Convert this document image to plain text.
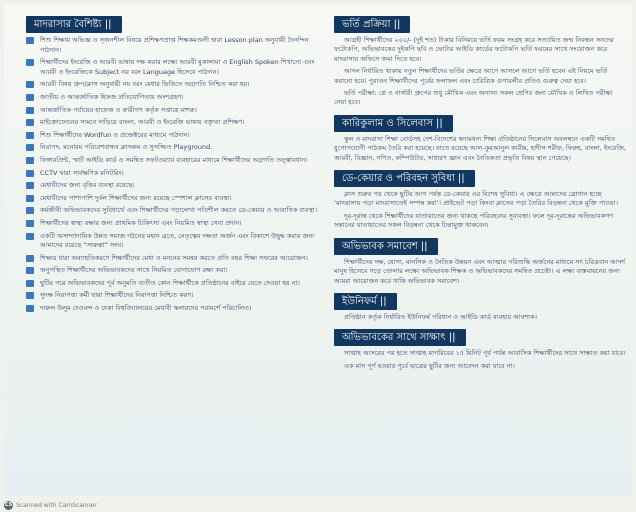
মাদরাসার বৈশিষ্ট্য ||
শিশু শিক্ষায় অভিজ্ঞ ও সৃজনশীল বিষয়ে প্রশিক্ষণপ্রাপ্ত শিক্ষকমণ্ডলী দ্বারা Lesson plan অনুযায়ী দৈনন্দিন পাঠদান।
শিক্ষার্থীদের ইংরেজি ও আরবী ভাষায় দক্ষ করার লক্ষ্যে আরবী মুকালামা ও English Spoken শিখানো এবং আরবী ও ইংরেজিকে Subject নয় বরং Language হিসেবে পাঠদান।
আরবী বিষয় গ্রুপ/ক্লাস অনুযায়ী নয় বরং মেধার ভিত্তিতে অগ্রগতি নিশ্চিত করা হয়।
জাতীয় ও আন্তর্জাতিক হিফজ প্রতিযোগিতায় অংশগ্রহণ।
আন্তর্জাতিক পর্যায়ের হাফেজ ও ক্বারীগণ কর্তৃক সপ্তাহে মাশক্ব।
মাইক্রোফোনের সামনে দাড়িয়ে বাংলা, আরবী ও ইংরেজি ভাষায় বক্তৃতা প্রশিক্ষণ।
শিশু শিক্ষার্থীদের Wordfun ও প্রজেক্টরের মাধ্যমে পাঠদান।
নিরাপদ, মনোরম পরিবেশবান্ধব ক্লাসরুম ও সুসজ্জিত Playground.
ফিঙ্গারপ্রিন্ট, স্মার্ট আইডি কার্ড ও সমন্বিত সফটওয়্যার ব্যবহারের মাধ্যমে শিক্ষার্থীদের অগ্রগতি তত্ত্বাবধান।
CCTV দ্বারা সার্বক্ষণিক মনিটরিং।
মেধাবীদের জন্য বৃত্তির ব্যবস্থা রয়েছে।
মেধাবীদের পাশাপাশি দুর্বল শিক্ষার্থীদের জন্য রয়েছে স্পেশাল ক্লাসের ব্যবস্থা।
কর্মজীবী অভিভাবকদের সুবিধার্থে এবং শিক্ষার্থীদের পড়ালেখা গতিশীল করতে ডে-কেয়ার ও আবাসিক ব্যবস্থা।
শিক্ষার্থীদের স্বাস্থ্য রক্ষার জন্য প্রাথমিক চিকিৎসা এবং নিয়মিত স্বাস্থ্য সেবা প্রদান।
একটি অসাম্প্রদায়িক উন্নত সমাজ গঠনের মহান ব্রতে, নেতৃত্বের দক্ষতা অর্জন এবং বিকাশে উদ্বুদ্ধ করার জন্য আমাদের রয়েছে “সারুক্কা” সংঘ।
শিক্ষার ধারা অব্যাহতিকরণে শিক্ষার্থীদের মেধা ও মননের সমন্বয় করতে প্রতি বছর শিক্ষা সফরের আয়োজন।
অনুপস্থিত শিক্ষার্থীদের অভিভাবকদের সাথে নিয়মিত যোগাযোগ রক্ষা করা।
ছুটির পরে অভিভাবকদের পূর্ব অনুমতি ব্যতীত কোন শিক্ষার্থীকে প্রতিষ্ঠানের বাইরে যেতে দেওয়া হয় না।
সুদক্ষ নিরাপত্তা কর্মী দ্বারা শিক্ষার্থীদের নিরাপত্তা নিশ্চিত করণ।
দারুল উলুম দেওবন্দ ও ঢাকা বিশ্ববিদ্যালয়ের মেধাবী স্কলারদের পরামর্শে পরিচালিত।
ভর্তি প্রক্রিয়া ||

আগ্রহী শিক্ষার্থীদের ২০০/- (দুই শত) টাকার বিনিময়ে ভর্তি ফরম সংগ্রহ করে সত্যায়িত জন্ম নিবন্ধন সনদের ফটোকপি, অভিভাবকের দুইকপি ছবি ও ভোটার আইডি কার্ডের ফটোকপি ভর্তি ফরমের সাথে সংযোজন করে মাদরাসার অফিসে জমা দিতে হবে।

আসন নির্ধারিত থাকায় নতুন শিক্ষার্থীদের ভর্তির ক্ষেত্রে আগে আসলে আগে ভর্তি হবেন এই নিয়মে ভর্তি করানো হবে। পুরাতন শিক্ষার্থীদের পূর্বের ফলাফল এবং চারিত্রিক গুণাবলীর প্রতিও গুরুত্ব দেয়া হবে।

ভর্তি পরীক্ষা: প্লে ও নার্সারী গ্রুপের শুধু মৌখিক এবং অন্যান্য সকল শ্রেণির জন্য মৌখিক ও লিখিত পরীক্ষা নেয়া হবে।

কারিকুলাম ও সিলেবাস ||

স্কুল ও মাদরাসা শিক্ষা বোর্ডসহ দেশ-বিদেশের স্বনামধন্য শিক্ষা প্রতিষ্ঠানের সিলেবাস অবলম্বনে একটি সমন্বিত যুগোপযোগী পাঠক্রম তৈরি করা হয়েছে। যাতে রয়েছে আল-কুরআনুল কারীম, হাদীস শরীফ, ফিক্বহ, বাংলা, ইংরেজি, আরবী, বিজ্ঞান, গণিত, কম্পিউটার, সাধারণ জ্ঞান এবং নৈতিকতা প্রভৃতি বিষয় স্থান পেয়েছে।

ডে-কেয়ার ও পরিবহন সুবিধা ||

ক্লাস শুরুর পর থেকে ছুটির আগ পর্যন্ত ডে-কেয়ার এর বিশেষ সুবিধা। এ ক্ষেত্রে আমাদের স্লোগান হচ্ছে ‘মাদরাসায় পড়া মাদরাসাতেই সম্পন্ন করা’। প্রাইভেট পড়া কিংবা ক্লাসের পড়া তৈরির বিড়ম্বনা থেকে মুক্তি পাওয়া।

দূর-দূরান্ত থেকে শিক্ষার্থীদের যাতায়াতের জন্য থাকছে পরিবহনের সুব্যবস্থা। ফলে দূর-দূরান্তের অভিভাবকগণ সন্তানের যাতায়াতের সকল বিড়ম্বনা থেকে চিন্তামুক্ত থাকবেন।

অভিভাবক সমাবেশ ||

শিক্ষার্থীদের দক্ষ, যোগ্য, মানসিক ও নৈতিক উন্নয়ন এবং আত্মার পরিশুদ্ধি অর্জনের মাধ্যমে সৎ চরিত্রবান আদর্শ মানুষ হিসেবে গড়ে তোলার লক্ষ্যে অভিভাবক শিক্ষক ও অভিভাবকদের সমন্বিত প্রচেষ্টা। এ লক্ষ্য বাস্তবায়নের জন্য আমরা আয়োজন করে থাকি অভিভাবক সমাবেশ।

ইউনিফর্ম ||

প্রতিষ্ঠান কর্তৃক নির্ধারিত ইউনিফর্ম পরিধান ও আইডি কার্ড ব্যবহার আবশ্যক।

অভিভাবকের সাথে সাক্ষাৎ ||

সাপ্তাহ আসরের পর হতে সাপ্তাহ মাগরিবের ১৫ মিনিট পূর্ব পর্যন্ত আবাসিক শিক্ষার্থীদের সাথে সাক্ষাত করা যাবে।

এক মাস পূর্ণ হওয়ার পূর্বে ছাত্রের ছুটির জন্য আবেদন করা যাবে না।

CS Scanned with CamScanner
